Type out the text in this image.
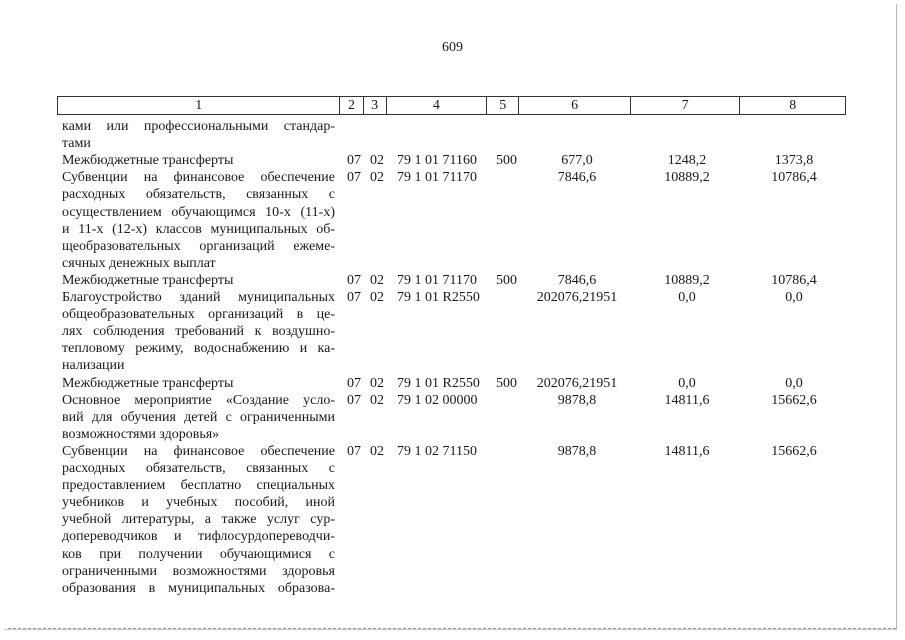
609
1	2	3	4	5	6	7	8
ками или профессиональными стандар-
тами
Межбюджетные трансферты	07 02 79 1 01 71160 500	677,0	1248,2	1373,8
Субвенции на финансовое обеспечение 07 02 79 1 01 71170	7846,6	10889,2	10786,4
расходных обязательств, связанных с
осуществлением обучающимся 10-х (11-х)
и 11-х (12-х) классов муниципальных об-
щеобразовательных организаций ежеме-
сячных денежных выплат
Межбюджетные трансферты	07 02 79 1 01 71170 500	7846,6	10889,2	10786,4
Благоустройство зданий муниципальных 07 02 79 1 01 R2550	202076,21951	0,0	0,0
общеобразовательных организаций в це-
лях соблюдения требований к воздушно-
тепловому режиму, водоснабжению и ка-
нализации
Межбюджетные трансферты	07 02 79 1 01 R2550 500	202076,21951	0,0	0,0
Основное мероприятие «Создание усло- 07 02 79 1 02 00000	9878,8	14811,6	15662,6
вий для обучения детей с ограниченными
возможностями здоровья»
Субвенции на финансовое обеспечение 07 02 79 1 02 71150	9878,8	14811,6	15662,6
расходных обязательств, связанных с
предоставлением бесплатно специальных
учебников и учебных пособий, иной
учебной литературы, а также услуг сур-
допереводчиков и тифлосурдопереводчи-
ков при получении обучающимися с
ограниченными возможностями здоровья
образования в муниципальных образова-
